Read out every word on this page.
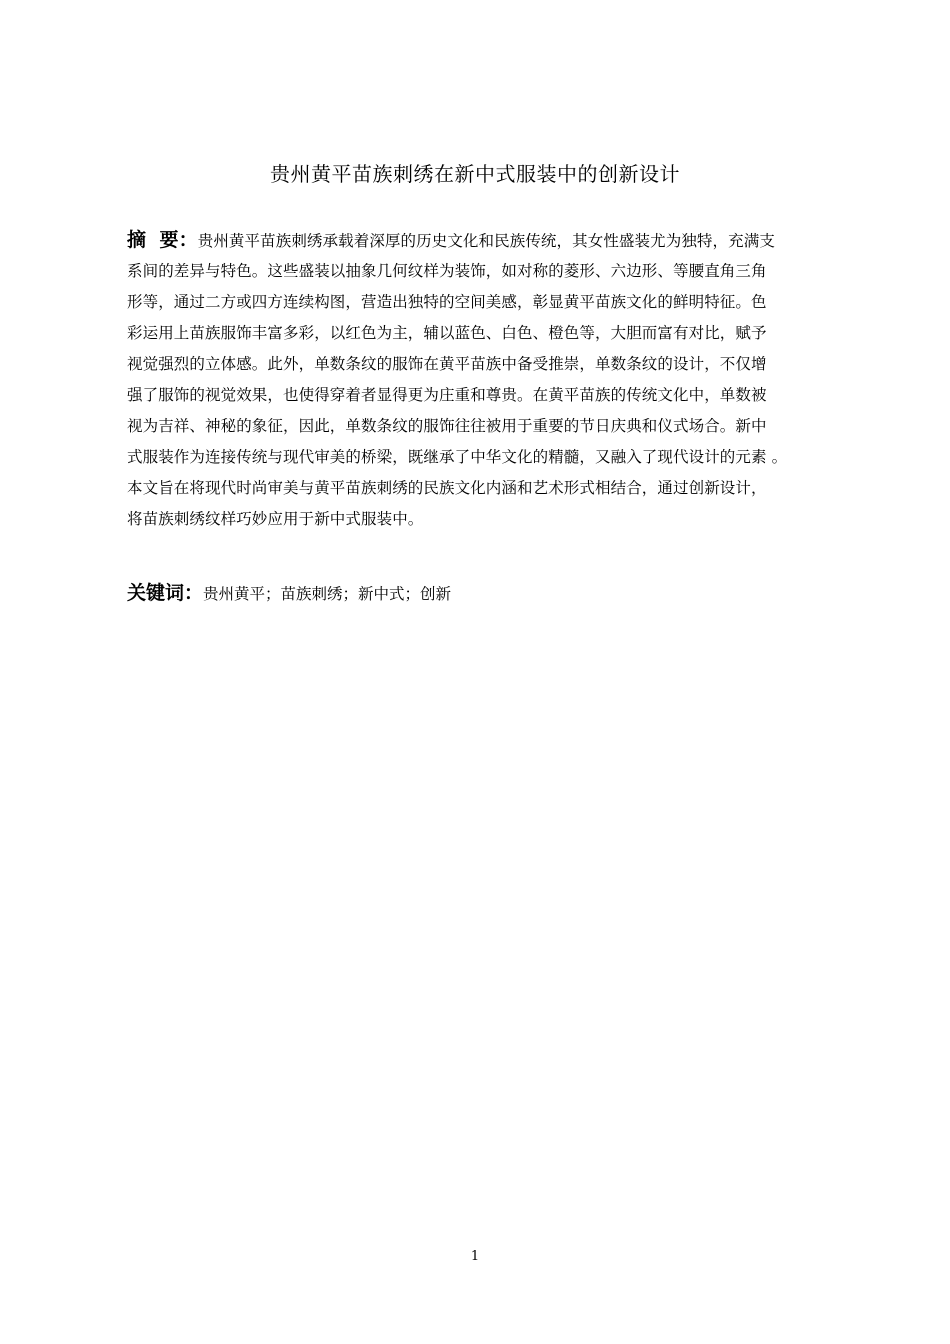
贵州黄平苗族刺绣在新中式服装中的创新设计
摘  要：贵州黄平苗族刺绣承载着深厚的历史文化和民族传统，其女性盛装尤为独特，充满支
系间的差异与特色。这些盛装以抽象几何纹样为装饰，如对称的菱形、六边形、等腰直角三角
形等，通过二方或四方连续构图，营造出独特的空间美感，彰显黄平苗族文化的鲜明特征。色
彩运用上苗族服饰丰富多彩，以红色为主，辅以蓝色、白色、橙色等，大胆而富有对比，赋予
视觉强烈的立体感。此外，单数条纹的服饰在黄平苗族中备受推崇，单数条纹的设计，不仅增
强了服饰的视觉效果，也使得穿着者显得更为庄重和尊贵。在黄平苗族的传统文化中，单数被
视为吉祥、神秘的象征，因此，单数条纹的服饰往往被用于重要的节日庆典和仪式场合。新中
式服装作为连接传统与现代审美的桥梁，既继承了中华文化的精髓，又融入了现代设计的元素 。
本文旨在将现代时尚审美与黄平苗族刺绣的民族文化内涵和艺术形式相结合，通过创新设计，
将苗族刺绣纹样巧妙应用于新中式服装中。
关键词：贵州黄平；苗族刺绣；新中式；创新
1
